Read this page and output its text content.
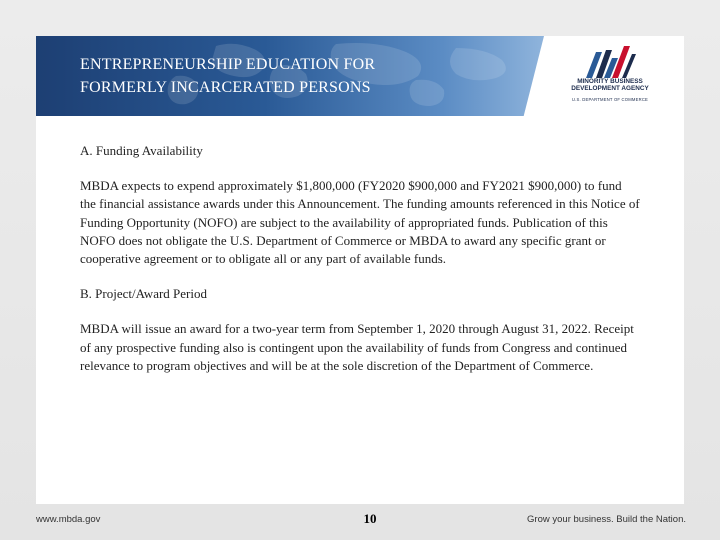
ENTREPRENEURSHIP EDUCATION FOR
FORMERLY INCARCERATED PERSONS	MINORITY BUSINESS
DEVELOPMENT AGENCY
U.S. DEPARTMENT OF COMMERCE

A. Funding Availability

MBDA expects to expend approximately $1,800,000 (FY2020 $900,000 and FY2021 $900,000) to fund the financial assistance awards under this Announcement. The funding amounts referenced in this Notice of Funding Opportunity (NOFO) are subject to the availability of appropriated funds. Publication of this NOFO does not obligate the U.S. Department of Commerce or MBDA to award any specific grant or cooperative agreement or to obligate all or any part of available funds.

B. Project/Award Period

MBDA will issue an award for a two-year term from September 1, 2020 through August 31, 2022. Receipt of any prospective funding also is contingent upon the availability of funds from Congress and continued relevance to program objectives and will be at the sole discretion of the Department of Commerce.

www.mbda.gov	10	Grow your business. Build the Nation.
